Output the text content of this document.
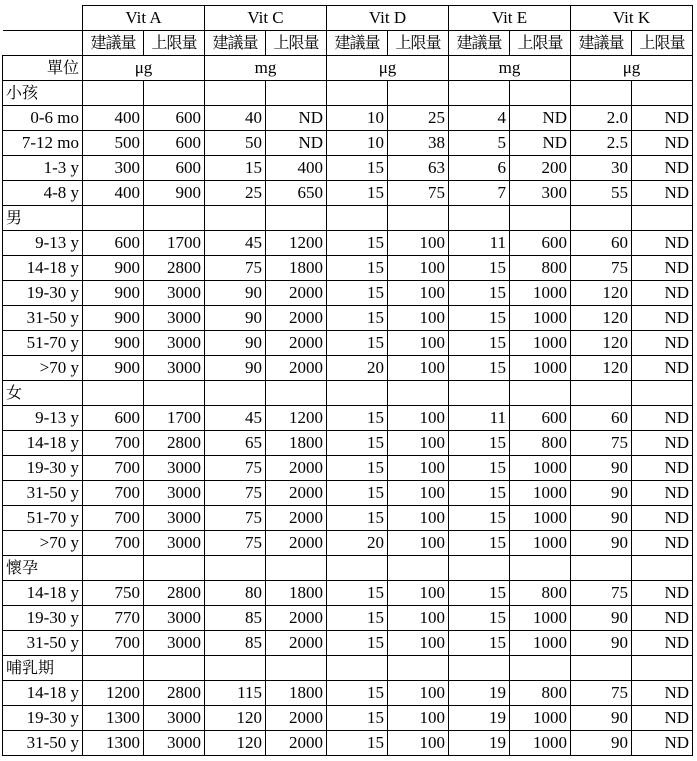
	Vit A		Vit C		Vit D		Vit E		Vit K	
	建議量	上限量	建議量	上限量	建議量	上限量	建議量	上限量	建議量	上限量
單位	μg		mg		μg		mg		μg	
小孩										
0-6 mo	400	600	40	ND	10	25	4	ND	2.0	ND
7-12 mo	500	600	50	ND	10	38	5	ND	2.5	ND
1-3 y	300	600	15	400	15	63	6	200	30	ND
4-8 y	400	900	25	650	15	75	7	300	55	ND
男										
9-13 y	600	1700	45	1200	15	100	11	600	60	ND
14-18 y	900	2800	75	1800	15	100	15	800	75	ND
19-30 y	900	3000	90	2000	15	100	15	1000	120	ND
31-50 y	900	3000	90	2000	15	100	15	1000	120	ND
51-70 y	900	3000	90	2000	15	100	15	1000	120	ND
>70 y	900	3000	90	2000	20	100	15	1000	120	ND
女										
9-13 y	600	1700	45	1200	15	100	11	600	60	ND
14-18 y	700	2800	65	1800	15	100	15	800	75	ND
19-30 y	700	3000	75	2000	15	100	15	1000	90	ND
31-50 y	700	3000	75	2000	15	100	15	1000	90	ND
51-70 y	700	3000	75	2000	15	100	15	1000	90	ND
>70 y	700	3000	75	2000	20	100	15	1000	90	ND
懷孕										
14-18 y	750	2800	80	1800	15	100	15	800	75	ND
19-30 y	770	3000	85	2000	15	100	15	1000	90	ND
31-50 y	700	3000	85	2000	15	100	15	1000	90	ND
哺乳期										
14-18 y	1200	2800	115	1800	15	100	19	800	75	ND
19-30 y	1300	3000	120	2000	15	100	19	1000	90	ND
31-50 y	1300	3000	120	2000	15	100	19	1000	90	ND
